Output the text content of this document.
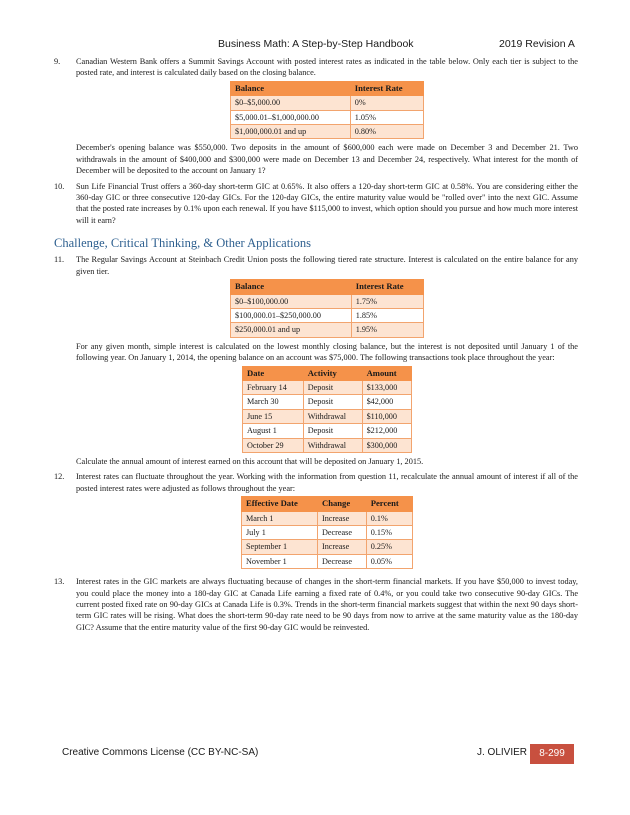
Business Math: A Step-by-Step Handbook	2019 Revision A
9. Canadian Western Bank offers a Summit Savings Account with posted interest rates as indicated in the table below. Only each tier is subject to the posted rate, and interest is calculated daily based on the closing balance.

Balance	Interest Rate
$0–$5,000.00	0%
$5,000.01–$1,000,000.00	1.05%
$1,000,000.01 and up	0.80%

December's opening balance was $550,000. Two deposits in the amount of $600,000 each were made on December 3 and December 21. Two withdrawals in the amount of $400,000 and $300,000 were made on December 13 and December 24, respectively. What interest for the month of December will be deposited to the account on January 1?

10. Sun Life Financial Trust offers a 360-day short-term GIC at 0.65%. It also offers a 120-day short-term GIC at 0.58%. You are considering either the 360-day GIC or three consecutive 120-day GICs. For the 120-day GICs, the entire maturity value would be "rolled over" into the next GIC. Assume that the posted rate increases by 0.1% upon each renewal. If you have $115,000 to invest, which option should you pursue and how much more interest will it earn?

Challenge, Critical Thinking, & Other Applications
11. The Regular Savings Account at Steinbach Credit Union posts the following tiered rate structure. Interest is calculated on the entire balance for any given tier.

Balance	Interest Rate
$0–$100,000.00	1.75%
$100,000.01–$250,000.00	1.85%
$250,000.01 and up	1.95%

For any given month, simple interest is calculated on the lowest monthly closing balance, but the interest is not deposited until January 1 of the following year. On January 1, 2014, the opening balance on an account was $75,000. The following transactions took place throughout the year:

Date	Activity	Amount
February 14	Deposit	$133,000
March 30	Deposit	$42,000
June 15	Withdrawal	$110,000
August 1	Deposit	$212,000
October 29	Withdrawal	$300,000

Calculate the annual amount of interest earned on this account that will be deposited on January 1, 2015.

12. Interest rates can fluctuate throughout the year. Working with the information from question 11, recalculate the annual amount of interest if all of the posted interest rates were adjusted as follows throughout the year:

Effective Date	Change	Percent
March 1	Increase	0.1%
July 1	Decrease	0.15%
September 1	Increase	0.25%
November 1	Decrease	0.05%
13. Interest rates in the GIC markets are always fluctuating because of changes in the short-term financial markets. If you have $50,000 to invest today, you could place the money into a 180-day GIC at Canada Life earning a fixed rate of 0.4%, or you could take two consecutive 90-day GICs. The current posted fixed rate on 90-day GICs at Canada Life is 0.3%. Trends in the short-term financial markets suggest that within the next 90 days short-term GIC rates will be rising. What does the short-term 90-day rate need to be 90 days from now to arrive at the same maturity value as the 180-day GIC? Assume that the entire maturity value of the first 90-day GIC would be reinvested.

Creative Commons License (CC BY-NC-SA)	J. OLIVIER	8-299
